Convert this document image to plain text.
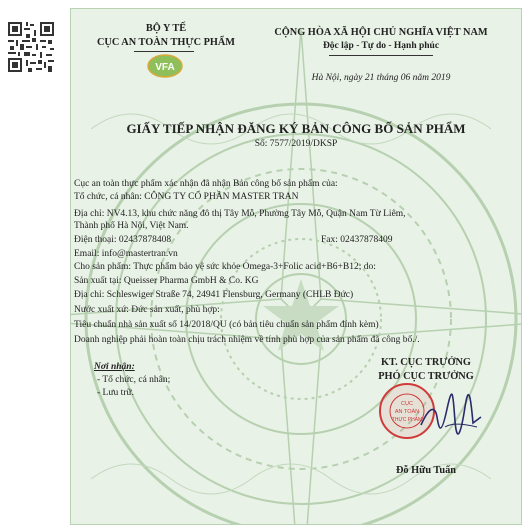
BỘ Y TẾ
CỤC AN TOÀN THỰC PHẨM
VFA
CỘNG HÒA XÃ HỘI CHỦ NGHĨA VIỆT NAM
Độc lập - Tự do - Hạnh phúc
Hà Nội, ngày 21 tháng 06 năm 2019
GIẤY TIẾP NHẬN ĐĂNG KÝ BẢN CÔNG BỐ SẢN PHẨM
Số: 7577/2019/DKSP
Cục an toàn thực phẩm xác nhận đã nhận Bản công bố sản phẩm của:
Tổ chức, cá nhân: CÔNG TY CỔ PHẦN MASTER TRAN
Địa chỉ: NV4.13, khu chức năng đô thị Tây Mỗ, Phường Tây Mỗ, Quận Nam Từ Liêm,
Thành phố Hà Nội, Việt Nam.
Điện thoại: 02437878408	Fax: 02437878409
Email: info@mastertran.vn
Cho sản phẩm: Thực phẩm bảo vệ sức khỏe Omega-3+Folic acid+B6+B12; do:
Sản xuất tại: Queisser Pharma GmbH & Co. KG
Địa chỉ: Schleswiger Straße 74, 24941 Flensburg, Germany (CHLB Đức)
Nước xuất xứ: Đức sản xuất, phù hợp:
Tiêu chuẩn nhà sản xuất số 14/2018/QU (có bản tiêu chuẩn sản phẩm đính kèm)
Doanh nghiệp phải hoàn toàn chịu trách nhiệm về tính phù hợp của sản phẩm đã công bố./.
Nơi nhận:
- Tổ chức, cá nhân;
- Lưu trữ.
KT. CỤC TRƯỞNG
PHÓ CỤC TRƯỞNG
CỤC
AN TOÀN
THỰC PHẨM
Đỗ Hữu Tuấn
